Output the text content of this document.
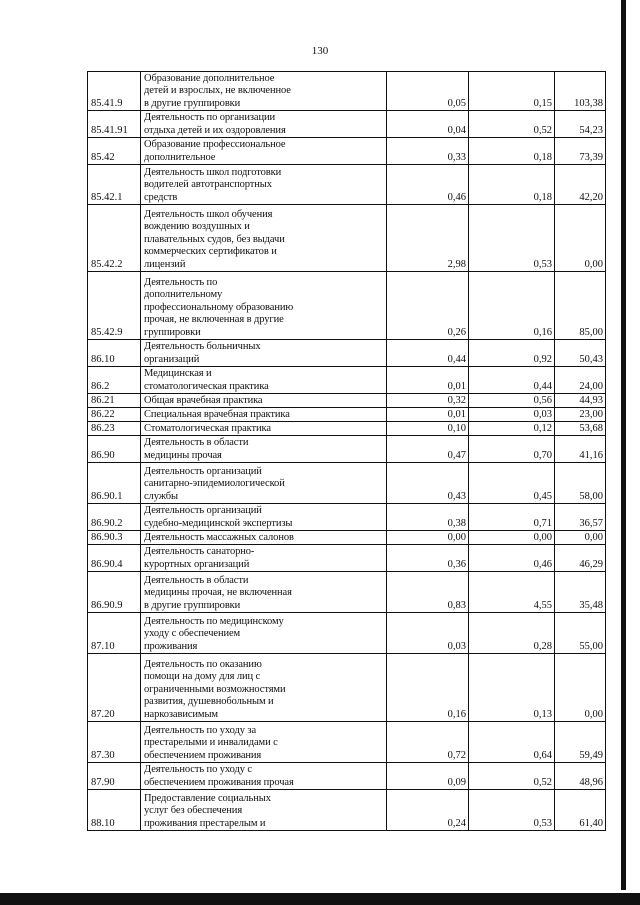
130
85.41.9	Образование дополнительное
детей и взрослых, не включенное
в другие группировки	0,05	0,15	103,38
85.41.91	Деятельность по организации
отдыха детей и их оздоровления	0,04	0,52	54,23
85.42	Образование профессиональное
дополнительное	0,33	0,18	73,39
85.42.1	Деятельность школ подготовки
водителей автотранспортных
средств	0,46	0,18	42,20
85.42.2	Деятельность школ обучения
вождению воздушных и
плавательных судов, без выдачи
коммерческих сертификатов и
лицензий	2,98	0,53	0,00
85.42.9	Деятельность по
дополнительному
профессиональному образованию
прочая, не включенная в другие
группировки	0,26	0,16	85,00
86.10	Деятельность больничных
организаций	0,44	0,92	50,43
86.2	Медицинская и
стоматологическая практика	0,01	0,44	24,00
86.21	Общая врачебная практика	0,32	0,56	44,93
86.22	Специальная врачебная практика	0,01	0,03	23,00
86.23	Стоматологическая практика	0,10	0,12	53,68
86.90	Деятельность в области
медицины прочая	0,47	0,70	41,16
86.90.1	Деятельность организаций
санитарно-эпидемиологической
службы	0,43	0,45	58,00
86.90.2	Деятельность организаций
судебно-медицинской экспертизы	0,38	0,71	36,57
86.90.3	Деятельность массажных салонов	0,00	0,00	0,00
86.90.4	Деятельность санаторно-
курортных организаций	0,36	0,46	46,29
86.90.9	Деятельность в области
медицины прочая, не включенная
в другие группировки	0,83	4,55	35,48
87.10	Деятельность по медицинскому
уходу с обеспечением
проживания	0,03	0,28	55,00
87.20	Деятельность по оказанию
помощи на дому для лиц с
ограниченными возможностями
развития, душевнобольным и
наркозависимым	0,16	0,13	0,00
87.30	Деятельность по уходу за
престарелыми и инвалидами с
обеспечением проживания	0,72	0,64	59,49
87.90	Деятельность по уходу с
обеспечением проживания прочая	0,09	0,52	48,96
88.10	Предоставление социальных
услуг без обеспечения
проживания престарелым и	0,24	0,53	61,40
